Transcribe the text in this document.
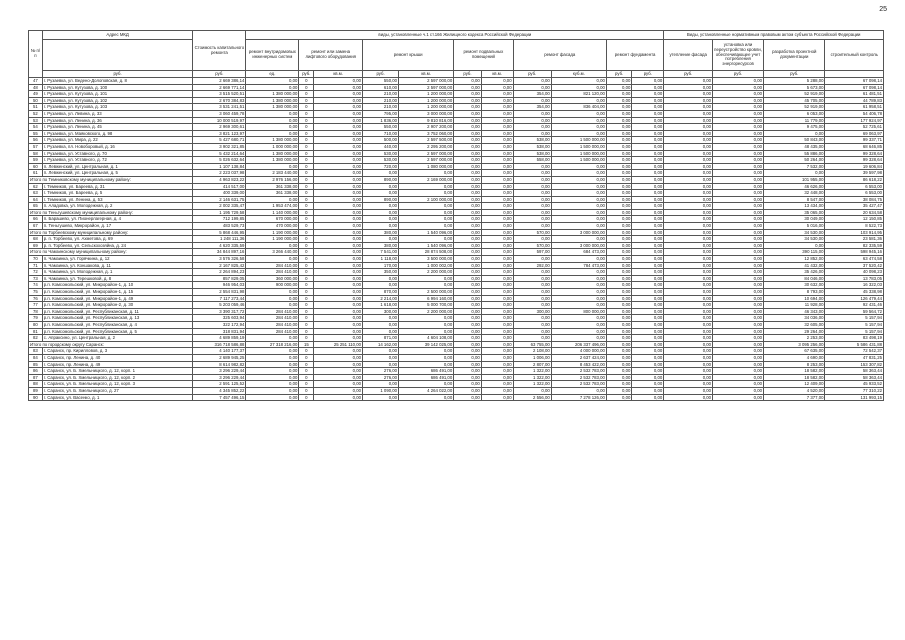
25
№ п/п	Адрес МКД	Стоимость капитального ремонта	виды, установленные ч.1 ст.166 Жилищного кодекса Российской Федерации											Виды, установленные нормативным правовым актом субъекта Российской Федерации			
			ремонт внутридомовых инженерных систем	ремонт или замена лифтового оборудования		ремонт крыши		ремонт подвальных помещений		ремонт фасада		ремонт фундамента		утепление фасада	установка или переустройство кровли, обеспечивающее учет потребления энергоресурсов	разработка проектной документации	строительный контроль
	руб.	руб.	ед.	руб.	кв.м.	руб.	кв.м.	руб.	кв.м.	руб.	куб.м.	руб.	руб.	руб.	руб.	руб.	
47	г. Рузаевка, ул. Ведено-Долоповская, д. 8	2 669 386,14	0,00	0	0,00	550,00	2 597 000,00	0,00	0,00	0,00	0,00	0,00	0,00	0,00	0,00	5 288,00	67 098,14
48	г. Рузаевка, ул. Кутузова, д. 100	2 669 771,14	0,00	0	0,00	610,00	2 597 000,00	0,00	0,00	0,00	0,00	0,00	0,00	0,00	0,00	5 673,00	67 098,14
49	г. Рузаевка, ул. Кутузова, д. 101	3 515 520,51	1 380 000,00	0	0,00	210,00	1 200 000,00	0,00	0,00	354,00	821 120,00	0,00	0,00	0,00	0,00	52 919,00	61 481,51
50	г. Рузаевка, ул. Кутузова, д. 102	2 670 384,83	1 380 000,00	0	0,00	210,00	1 200 000,00	0,00	0,00	0,00	0,00	0,00	0,00	0,00	0,00	45 705,00	44 789,83
51	г. Рузаевка, ул. Кутузова, д. 103	3 531 241,51	1 380 000,00	0	0,00	210,00	1 200 000,00	0,00	0,00	354,00	836 404,00	0,00	0,00	0,00	0,00	52 919,00	61 958,51
52	г. Рузаевка, ул. Левина, д. 33	3 060 459,78	0,00	0	0,00	795,00	3 000 000,00	0,00	0,00	0,00	0,00	0,00	0,00	0,00	0,00	6 053,00	54 406,78
53	г. Рузаевка, ул. Ленина, д. 36	10 000 519,97	0,00	0	0,00	1 836,00	9 810 816,00	0,00	0,00	0,00	0,00	0,00	0,00	0,00	0,00	11 779,00	177 924,97
54	г. Рузаевка, ул. Ленина, д. 45	2 969 300,61	0,00	0	0,00	550,00	2 907 200,00	0,00	0,00	0,00	0,00	0,00	0,00	0,00	0,00	9 475,00	52 725,61
55	г. Рузаевка, ул. Маяковского, д. 98	3 821 123,97	0,00	0	0,00	710,00	3 752 060,00	0,00	0,00	0,00	0,00	0,00	0,00	0,00	0,00	0,00	69 063,97
56	г. Рузаевка, ул. Мира, д. 22	5 427 680,71	1 380 000,00	0	0,00	500,00	2 597 500,00	0,00	0,00	538,00	1 500 000,00	0,00	0,00	0,00	0,00	50 843,00	99 337,71
57	г. Рузаевка, пл. Новоборовый, д. 16	3 902 321,85	1 000 000,00	0	0,00	440,00	2 295 200,00	0,00	0,00	538,00	1 500 000,00	0,00	0,00	0,00	0,00	48 435,00	68 646,85
58	г. Рузаевка, ул. Уставного, д. 70	5 432 214,64	1 380 000,00	0	0,00	530,00	2 597 000,00	0,00	0,00	538,00	1 500 000,00	0,00	0,00	0,00	0,00	55 886,00	99 328,64
59	г. Рузаевка, ул. Уставного, д. 72	5 026 632,64	1 380 000,00	0	0,00	530,00	2 597 000,00	0,00	0,00	558,00	1 500 000,00	0,00	0,00	0,00	0,00	50 264,00	99 328,64
60	п. Левженский, ул. Центральная, д. 1	1 107 138,84	0,00	0	0,00	720,00	1 080 000,00	0,00	0,00	0,00	0,00	0,00	0,00	0,00	0,00	7 532,00	19 606,84
61	п. Левженский, ул. Центральная, д. 5	2 223 037,98	2 183 440,00	0	0,00	0,00	0,00	0,00	0,00	0,00	0,00	0,00	0,00	0,00	0,00	0,00	39 597,98
Итого по Темниковскому муниципальному району:		4 963 823,22	2 976 156,00	0	0,00	890,00	2 169 000,00	0,00	0,00	0,00	0,00	0,00	0,00	0,00	0,00	101 955,00	86 618,22
62	г. Темников, ул. Бареева, д. 31	414 517,00	361 338,00	0	0,00	0,00	0,00	0,00	0,00	0,00	0,00	0,00	0,00	0,00	0,00	46 626,00	6 553,00
63	г. Темников, ул. Бареева, д. 5	400 339,00	361 338,00	0	0,00	0,00	0,00	0,00	0,00	0,00	0,00	0,00	0,00	0,00	0,00	32 448,00	6 553,00
64	г. Темников, ул. Ленина, д. 53	2 146 631,75	0,00	0	0,00	890,00	2 100 000,00	0,00	0,00	0,00	0,00	0,00	0,00	0,00	0,00	8 547,00	38 084,75
65	п. Аладовка, ул. Молодежная, д. 2	2 002 335,47	1 953 474,00	0	0,00	0,00	0,00	0,00	0,00	0,00	0,00	0,00	0,00	0,00	0,00	13 434,00	35 427,47
Итого по Теньгушевскому муниципальному району:		1 195 729,58	1 140 000,00	0	0,00	0,00	0,00	0,00	0,00	0,00	0,00	0,00	0,00	0,00	0,00	35 065,00	20 634,58
66	п. Барашево, ул. Пионерлагерная, д. 4	712 199,85	670 000,00	0	0,00	0,00	0,00	0,00	0,00	0,00	0,00	0,00	0,00	0,00	0,00	30 049,00	12 150,85
67	п. Теньгушево, Микрорайон, д. 17	483 529,73	470 000,00	0	0,00	0,00	0,00	0,00	0,00	0,00	0,00	0,00	0,00	0,00	0,00	5 016,00	8 522,73
Итого по Торбеевскому муниципальному району:		5 868 446,95	1 190 000,00	0	0,00	380,00	1 540 096,00	0,00	0,00	570,00	3 000 000,00	0,00	0,00	0,00	0,00	34 530,00	103 914,95
68	р. п. Торбеево, ул. Ахметова, д. 69	1 248 111,36	1 190 000,00	0	0,00	0,00	0,00	0,00	0,00	0,00	0,00	0,00	0,00	0,00	0,00	34 530,00	23 581,36
69	р. п. Торбеево, ул. Сельскохозяйна, д. 24	4 620 335,59	0,00	0	0,00	380,00	1 540 096,00	0,00	0,00	570,00	3 000 000,00	0,00	0,00	0,00	0,00	0,00	82 335,59
Итого по Чамзинскому муниципальному району:		34 844 897,16	3 266 440,00	0	0,00	7 541,00	28 874 508,00	0,00	0,00	597,00	684 473,00	0,00	0,00	0,00	0,00	390 115,00	598 945,16
70	п. Чамзинка, ул. Горячкина, д. 12	3 576 326,58	0,00	0	0,00	1 118,00	3 500 000,00	0,00	0,00	0,00	0,00	0,00	0,00	0,00	0,00	12 852,00	63 474,58
71	п. Чамзинка, ул. Коншакова, д. 11	2 167 825,42	284 410,00	0	0,00	170,00	1 000 002,00	0,00	0,00	292,00	784 473,00	0,00	0,00	0,00	0,00	41 432,00	37 520,42
72	п. Чамзинка, ул. Молодежная, д. 1	2 264 894,23	284 410,00	0	0,00	350,00	2 200 000,00	0,00	0,00	0,00	0,00	0,00	0,00	0,00	0,00	35 426,00	40 098,23
73	п. Чамзинка, ул. Терешковой, д. 8	857 829,05	360 000,00	0	0,00	0,00	0,00	0,00	0,00	0,00	0,00	0,00	0,00	0,00	0,00	84 046,00	13 783,05
74	р.п. Комсомольский, ул. Микрорайон-1, д. 10	946 954,03	900 000,00	0	0,00	0,00	0,00	0,00	0,00	0,00	0,00	0,00	0,00	0,00	0,00	30 632,00	16 322,03
75	р.п. Комсомольский, ул. Микрорайон-1, д. 15	2 554 831,98	0,00	0	0,00	870,00	2 500 000,00	0,00	0,00	0,00	0,00	0,00	0,00	0,00	0,00	8 793,00	45 338,98
76	р.п. Комсомольский, ул. Микрорайон-1, д. 49	7 117 273,44	0,00	0	0,00	2 214,00	6 994 160,00	0,00	0,00	0,00	0,00	0,00	0,00	0,00	0,00	10 694,00	126 479,44
77	р.п. Комсомольский, ул. Микрорайон-2, д. 30	5 203 059,46	0,00	0	0,00	1 618,00	5 000 700,00	0,00	0,00	0,00	0,00	0,00	0,00	0,00	0,00	11 928,00	92 431,46
78	р.п. Комсомольский, ул. Республиканская, д. 11	3 390 317,72	284 410,00	0	0,00	300,00	2 200 000,00	0,00	0,00	300,00	800 000,00	0,00	0,00	0,00	0,00	46 343,00	59 564,72
79	р.п. Комсомольский, ул. Республиканская, д. 13	325 603,94	284 410,00	0	0,00	0,00	0,00	0,00	0,00	0,00	0,00	0,00	0,00	0,00	0,00	34 036,00	5 157,94
80	р.п. Комсомольский, ул. Республиканская, д. 4	322 172,94	284 410,00	0	0,00	0,00	0,00	0,00	0,00	0,00	0,00	0,00	0,00	0,00	0,00	32 605,00	5 157,94
81	р.п. Комсомольский, ул. Республиканская, д. 5	318 831,94	284 410,00	0	0,00	0,00	0,00	0,00	0,00	0,00	0,00	0,00	0,00	0,00	0,00	29 264,00	5 157,94
82	с. Апраксино, ул. Центральная, д. 2	4 689 859,19	0,00	0	0,00	871,00	4 604 108,00	0,00	0,00	0,00	0,00	0,00	0,00	0,00	0,00	2 253,00	83 498,19
Итого по городскому округу Саранск:		316 718 586,88	27 318 216,00	15	25 251 110,00	14 162,00	39 142 025,00	0,00	0,00	63 755,00	206 337 496,00	0,00	0,00	0,00	0,00	3 095 256,00	5 586 431,88
83	г. Саранск, пр. Кирилловов, д. 3	4 140 177,37	0,00	0	0,00	0,00	0,00	0,00	0,00	2 108,00	4 000 000,00	0,00	0,00	0,00	0,00	67 635,00	72 542,37
84	г. Саранск, пр. Ленина, д. 40	2 689 945,25	0,00	0	0,00	0,00	0,00	0,00	0,00	1 006,00	2 637 424,00	0,00	0,00	0,00	0,00	4 690,00	47 831,25
85	г. Саранск, пр. Ленина, д. 49	8 614 982,82	0,00	0	0,00	0,00	0,00	0,00	0,00	2 807,00	8 453 422,00	0,00	0,00	0,00	0,00	8 253,00	153 307,82
86	г. Саранск, ул. Б. Хмельницкого, д. 12, корп. 1	3 296 229,44	0,00	0	0,00	276,00	686 491,00	0,00	0,00	1 322,00	2 532 783,00	0,00	0,00	0,00	0,00	18 582,00	58 363,44
87	г. Саранск, ул. Б. Хмельницкого, д. 12, корп. 2	3 296 229,44	0,00	0	0,00	276,00	686 491,00	0,00	0,00	1 322,00	2 532 783,00	0,00	0,00	0,00	0,00	18 582,00	58 363,44
88	г. Саранск, ул. Б. Хмельницкого, д. 12, корп. 3	2 591 125,52	0,00	0	0,00	0,00	0,00	0,00	0,00	1 322,00	2 532 783,00	0,00	0,00	0,00	0,00	12 409,00	45 933,52
89	г. Саранск, ул. Б. Хмельницкого, д. 27	4 345 852,22	0,00	0	0,00	1 090,00	4 264 022,00	0,00	0,00	0,00	0,00	0,00	0,00	0,00	0,00	4 520,00	77 310,22
90	г. Саранск, ул. Васенко, д. 1	7 457 496,15	0,00	0	0,00	0,00	0,00	0,00	0,00	2 556,00	7 278 126,00	0,00	0,00	0,00	0,00	7 377,00	131 993,15
